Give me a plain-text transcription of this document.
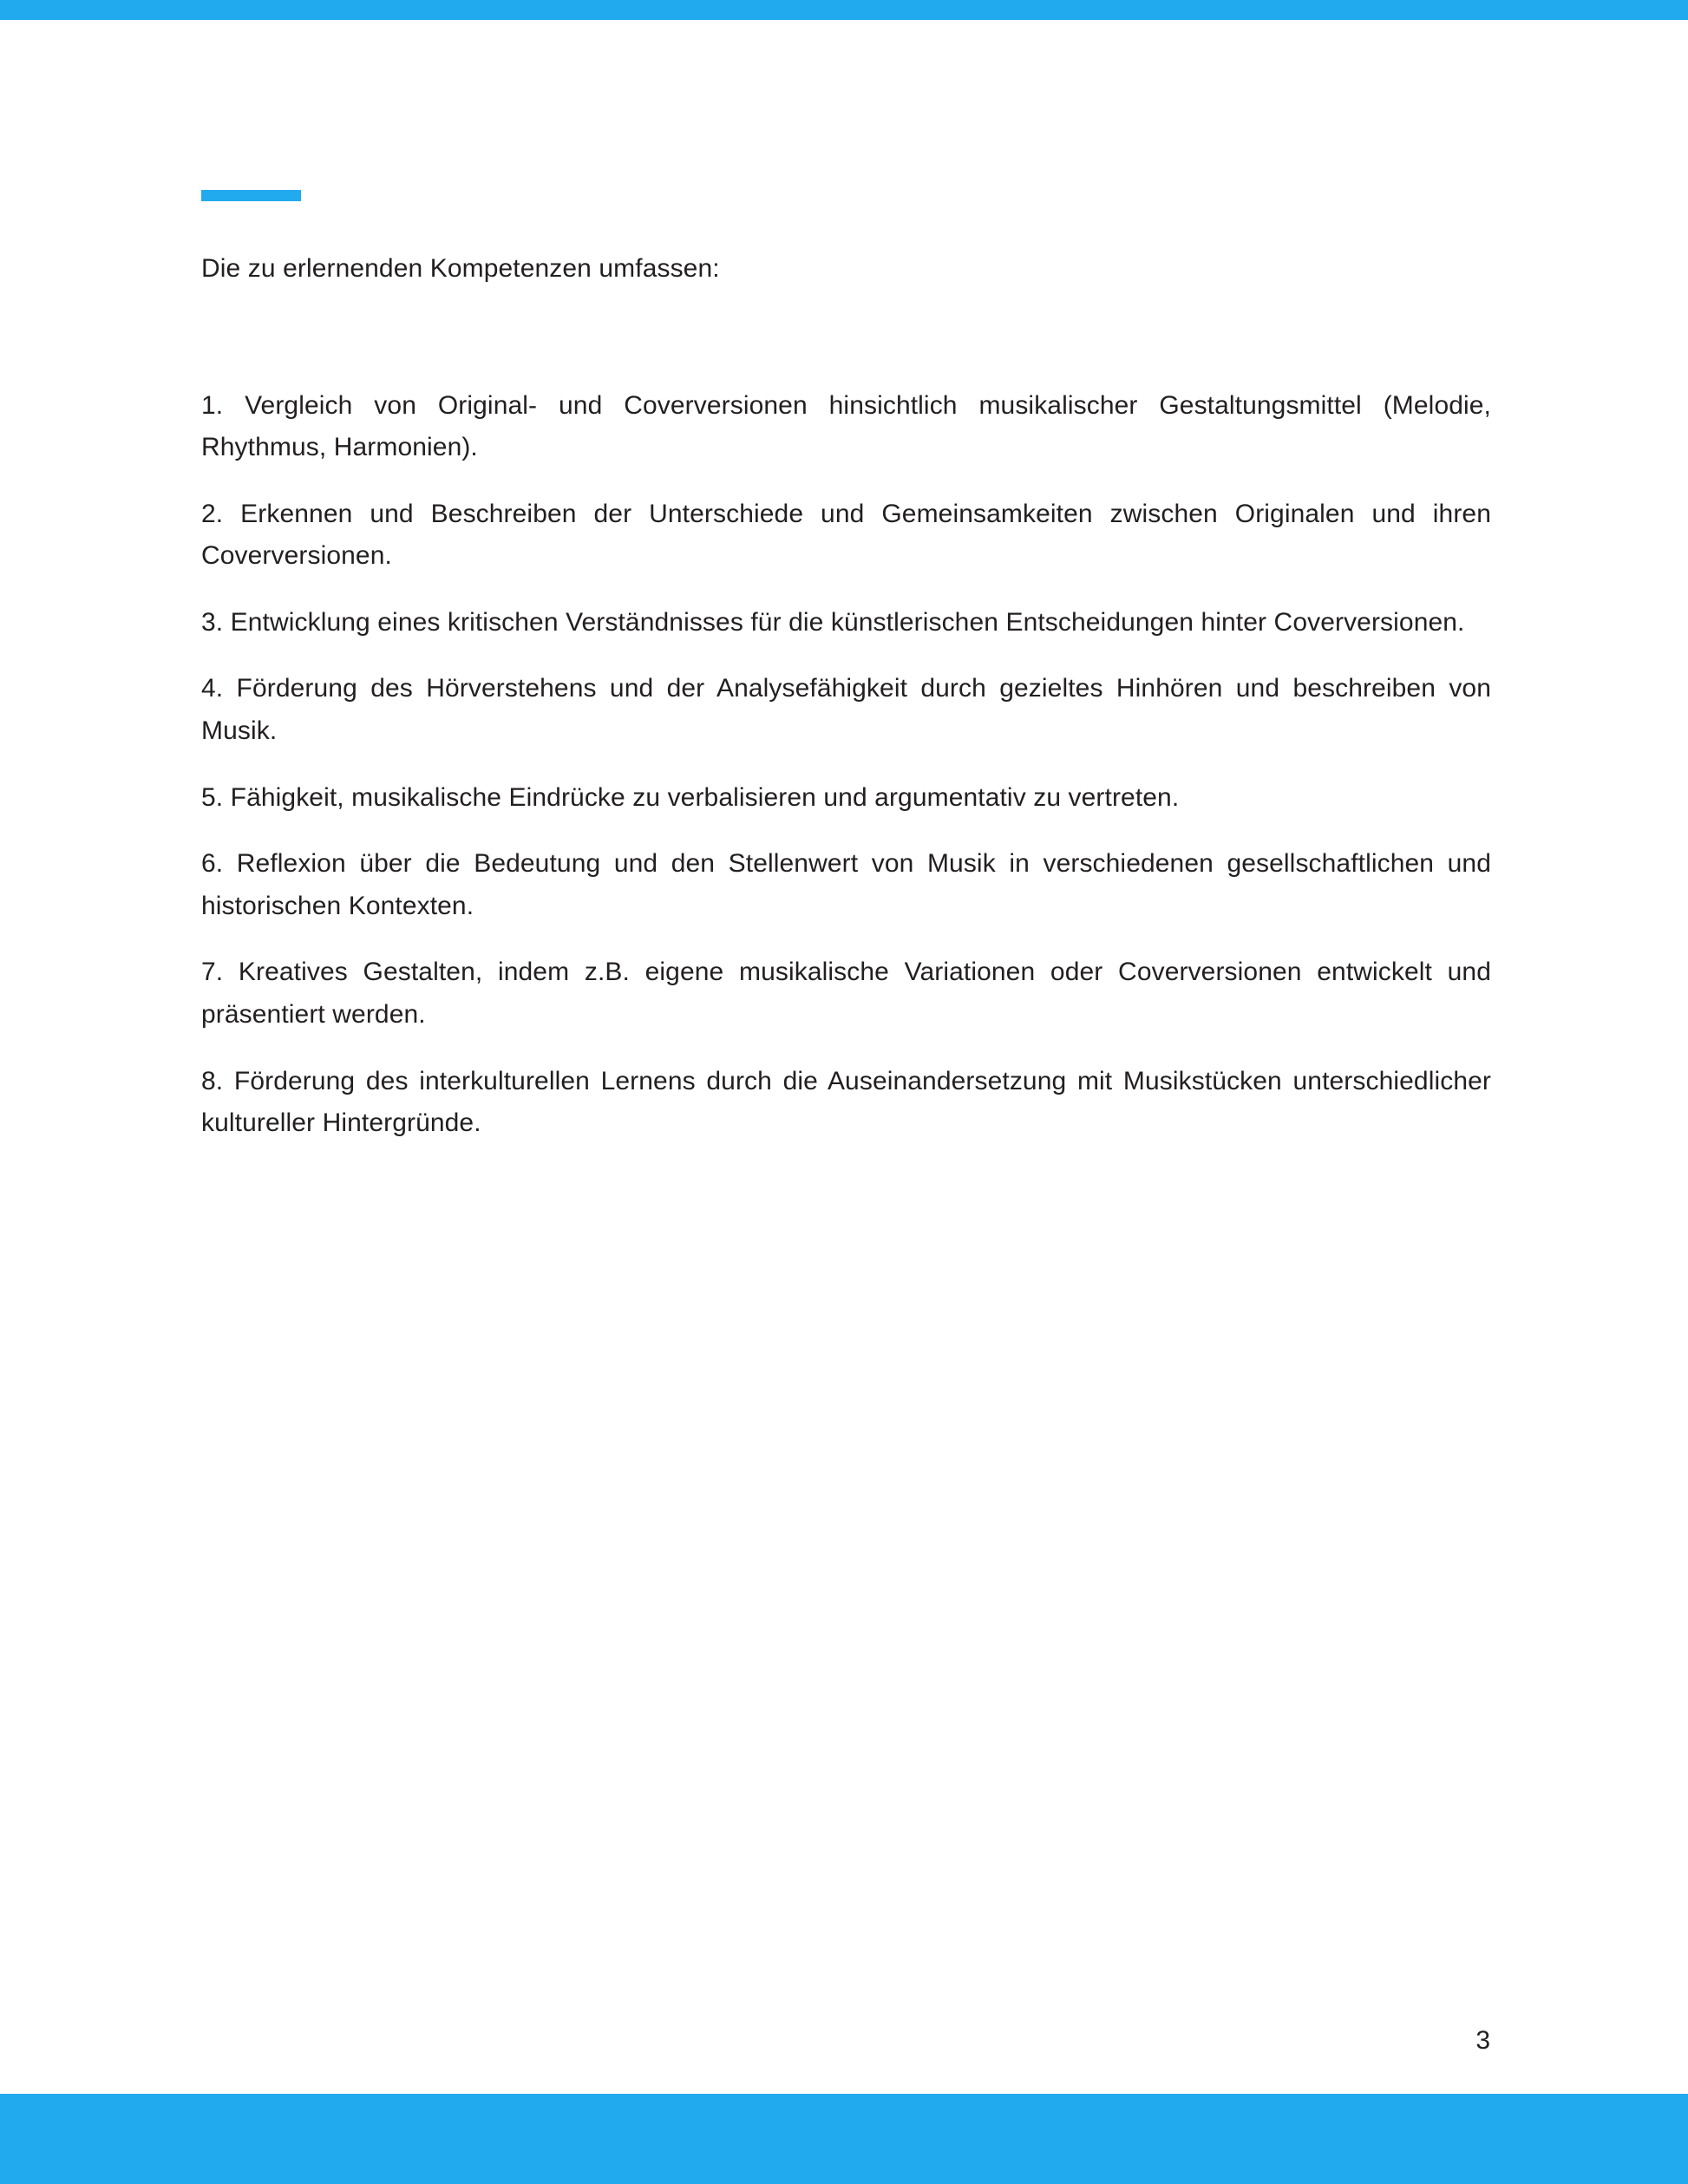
Die zu erlernenden Kompetenzen umfassen:

1. Vergleich von Original- und Coverversionen hinsichtlich musikalischer Gestaltungsmittel (Melodie, Rhythmus, Harmonien).
2. Erkennen und Beschreiben der Unterschiede und Gemeinsamkeiten zwischen Originalen und ihren Coverversionen.
3. Entwicklung eines kritischen Verständnisses für die künstlerischen Entscheidungen hinter Coverversionen.
4. Förderung des Hörverstehens und der Analysefähigkeit durch gezieltes Hinhören und beschreiben von Musik.
5. Fähigkeit, musikalische Eindrücke zu verbalisieren und argumentativ zu vertreten.
6. Reflexion über die Bedeutung und den Stellenwert von Musik in verschiedenen gesellschaftlichen und historischen Kontexten.
7. Kreatives Gestalten, indem z.B. eigene musikalische Variationen oder Coverversionen entwickelt und präsentiert werden.
8. Förderung des interkulturellen Lernens durch die Auseinandersetzung mit Musikstücken unterschiedlicher kultureller Hintergründe.
3
